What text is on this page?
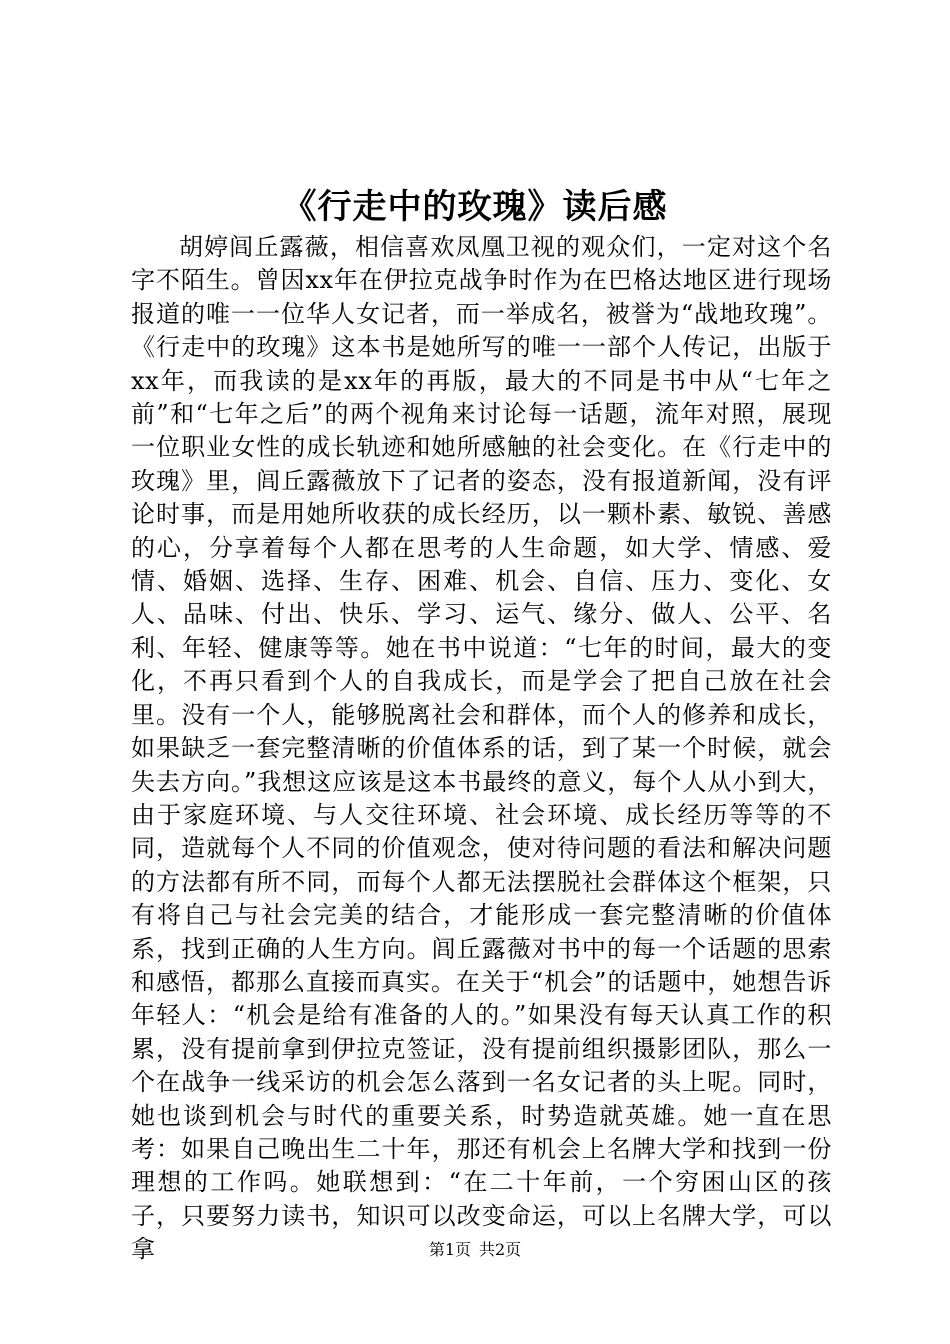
《行走中的玫瑰》读后感

胡婷闾丘露薇，相信喜欢凤凰卫视的观众们，一定对这个名字不陌生。曾因xx年在伊拉克战争时作为在巴格达地区进行现场报道的唯一一位华人女记者，而一举成名，被誉为“战地玫瑰”。《行走中的玫瑰》这本书是她所写的唯一一部个人传记，出版于xx年，而我读的是xx年的再版，最大的不同是书中从“七年之前”和“七年之后”的两个视角来讨论每一话题，流年对照，展现一位职业女性的成长轨迹和她所感触的社会变化。在《行走中的玫瑰》里，闾丘露薇放下了记者的姿态，没有报道新闻，没有评论时事，而是用她所收获的成长经历，以一颗朴素、敏锐、善感的心，分享着每个人都在思考的人生命题，如大学、情感、爱情、婚姻、选择、生存、困难、机会、自信、压力、变化、女人、品味、付出、快乐、学习、运气、缘分、做人、公平、名利、年轻、健康等等。她在书中说道：“七年的时间，最大的变化，不再只看到个人的自我成长，而是学会了把自己放在社会里。没有一个人，能够脱离社会和群体，而个人的修养和成长，如果缺乏一套完整清晰的价值体系的话，到了某一个时候，就会失去方向。”我想这应该是这本书最终的意义，每个人从小到大，由于家庭环境、与人交往环境、社会环境、成长经历等等的不同，造就每个人不同的价值观念，使对待问题的看法和解决问题的方法都有所不同，而每个人都无法摆脱社会群体这个框架，只有将自己与社会完美的结合，才能形成一套完整清晰的价值体系，找到正确的人生方向。闾丘露薇对书中的每一个话题的思索和感悟，都那么直接而真实。在关于“机会”的话题中，她想告诉年轻人：“机会是给有准备的人的。”如果没有每天认真工作的积累，没有提前拿到伊拉克签证，没有提前组织摄影团队，那么一个在战争一线采访的机会怎么落到一名女记者的头上呢。同时，她也谈到机会与时代的重要关系，时势造就英雄。她一直在思考：如果自己晚出生二十年，那还有机会上名牌大学和找到一份理想的工作吗。她联想到：“在二十年前，一个穷困山区的孩子，只要努力读书，知识可以改变命运，可以上名牌大学，可以拿	第1页 共2页
